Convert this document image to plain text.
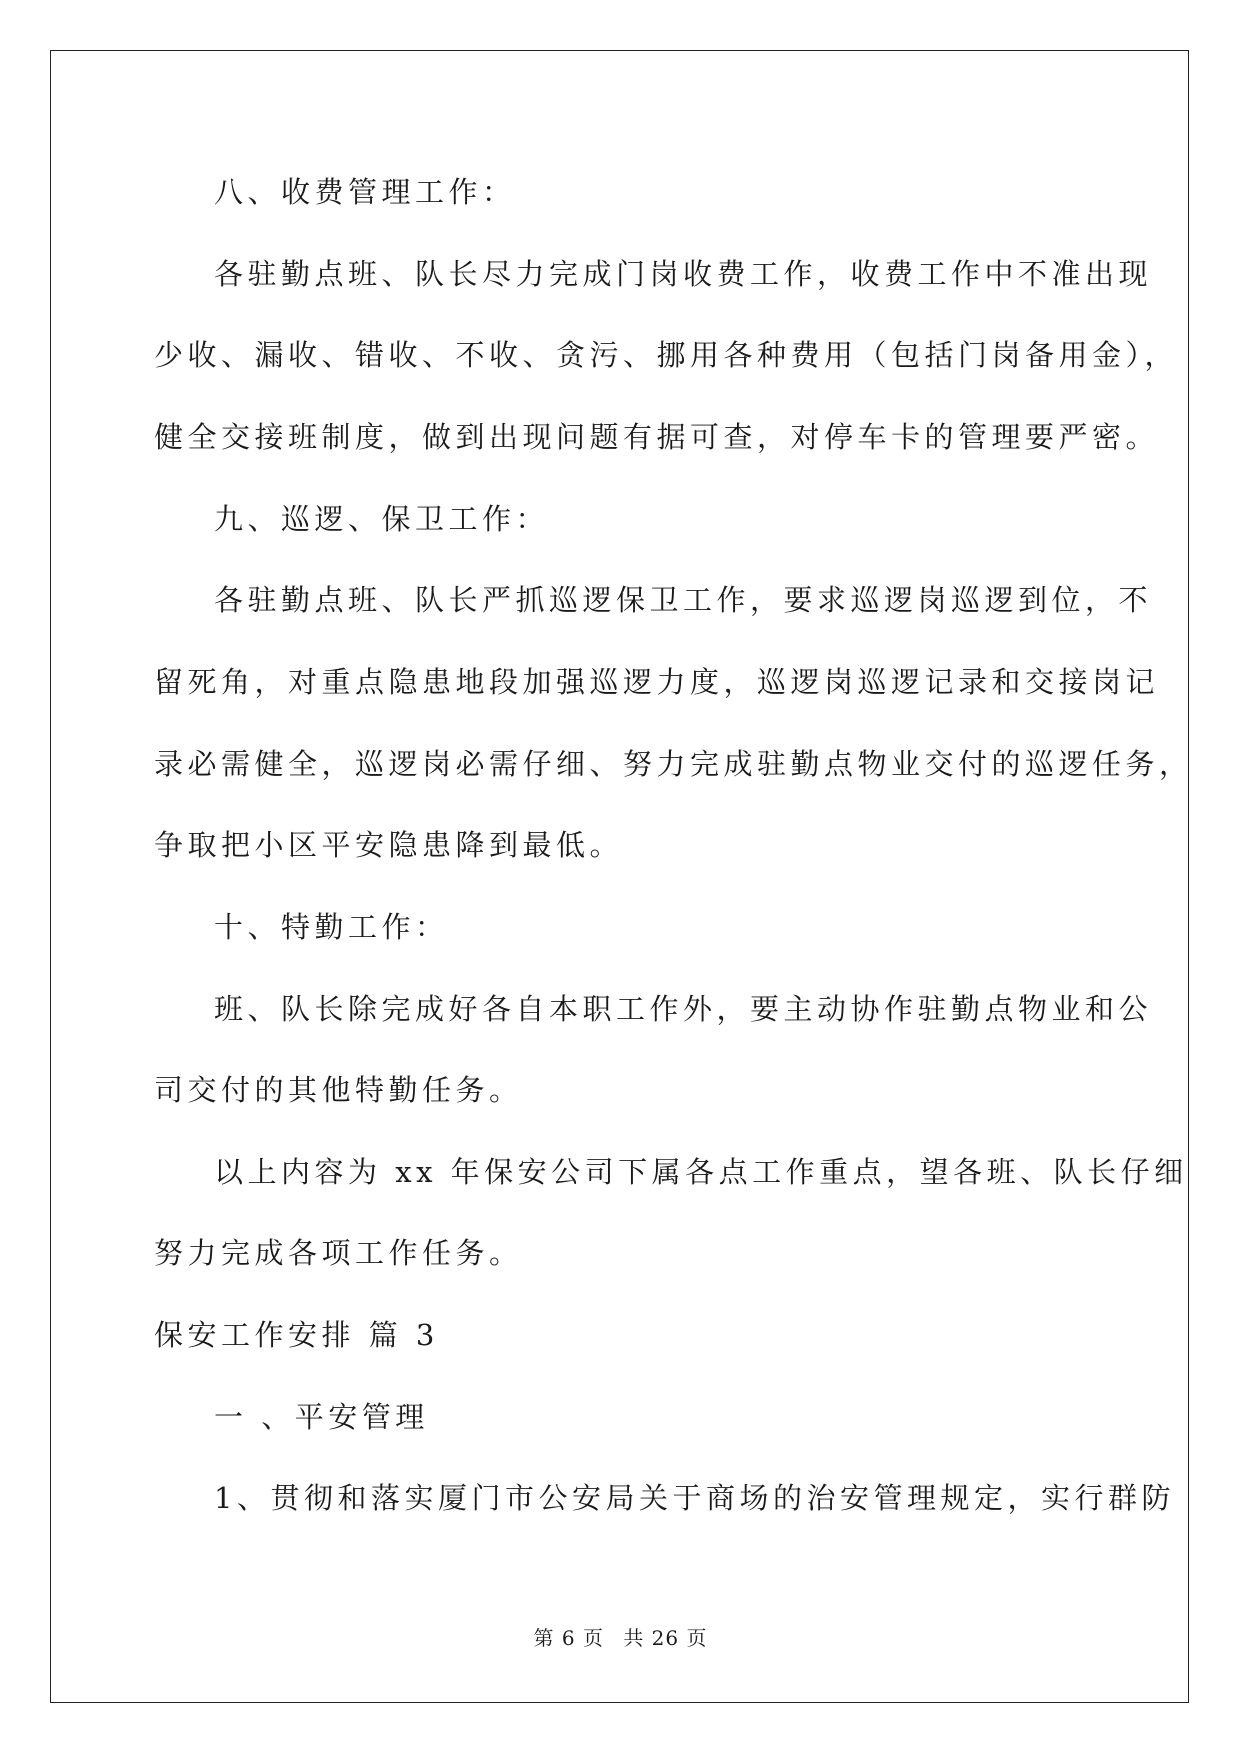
八、收费管理工作：
各驻勤点班、队长尽力完成门岗收费工作，收费工作中不准出现
少收、漏收、错收、不收、贪污、挪用各种费用（包括门岗备用金），
健全交接班制度，做到出现问题有据可查，对停车卡的管理要严密。
九、巡逻、保卫工作：
各驻勤点班、队长严抓巡逻保卫工作，要求巡逻岗巡逻到位，不
留死角，对重点隐患地段加强巡逻力度，巡逻岗巡逻记录和交接岗记
录必需健全，巡逻岗必需仔细、努力完成驻勤点物业交付的巡逻任务，
争取把小区平安隐患降到最低。
十、特勤工作：
班、队长除完成好各自本职工作外，要主动协作驻勤点物业和公
司交付的其他特勤任务。
以上内容为 xx 年保安公司下属各点工作重点，望各班、队长仔细
努力完成各项工作任务。
保安工作安排 篇 3
一 、平安管理
1、贯彻和落实厦门市公安局关于商场的治安管理规定，实行群防
第 6 页 共 26 页
